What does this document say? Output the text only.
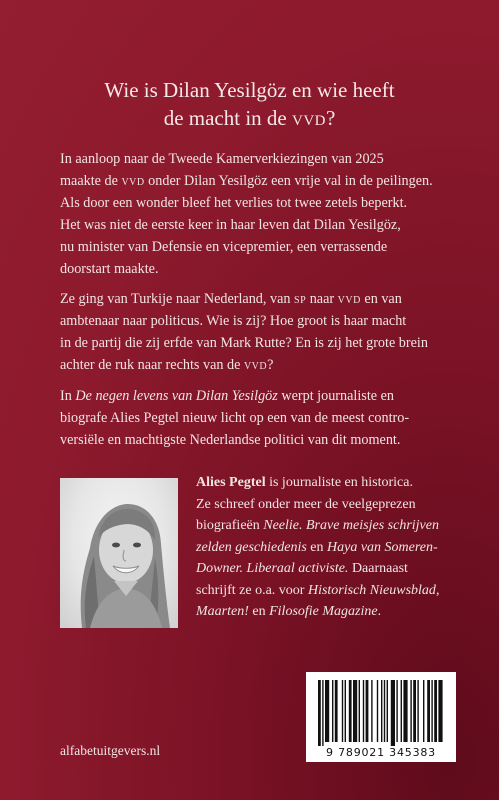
Wie is Dilan Yesilgöz en wie heeft
de macht in de vvd?
In aanloop naar de Tweede Kamerverkiezingen van 2025
maakte de vvd onder Dilan Yesilgöz een vrije val in de peilingen.
Als door een wonder bleef het verlies tot twee zetels beperkt.
Het was niet de eerste keer in haar leven dat Dilan Yesilgöz,
nu minister van Defensie en vicepremier, een verrassende
doorstart maakte.
Ze ging van Turkije naar Nederland, van sp naar vvd en van
ambtenaar naar politicus. Wie is zij? Hoe groot is haar macht
in de partij die zij erfde van Mark Rutte? En is zij het grote brein
achter de ruk naar rechts van de vvd?
In De negen levens van Dilan Yesilgöz werpt journaliste en
biografe Alies Pegtel nieuw licht op een van de meest contro-
versiële en machtigste Nederlandse politici van dit moment.
Alies Pegtel is journaliste en historica.
Ze schreef onder meer de veelgeprezen
biografieën Neelie. Brave meisjes schrijven
zelden geschiedenis en Haya van Someren-
Downer. Liberaal activiste. Daarnaast
schrijft ze o.a. voor Historisch Nieuwsblad,
Maarten! en Filosofie Magazine.
9 789021 345383
alfabetuitgevers.nl
